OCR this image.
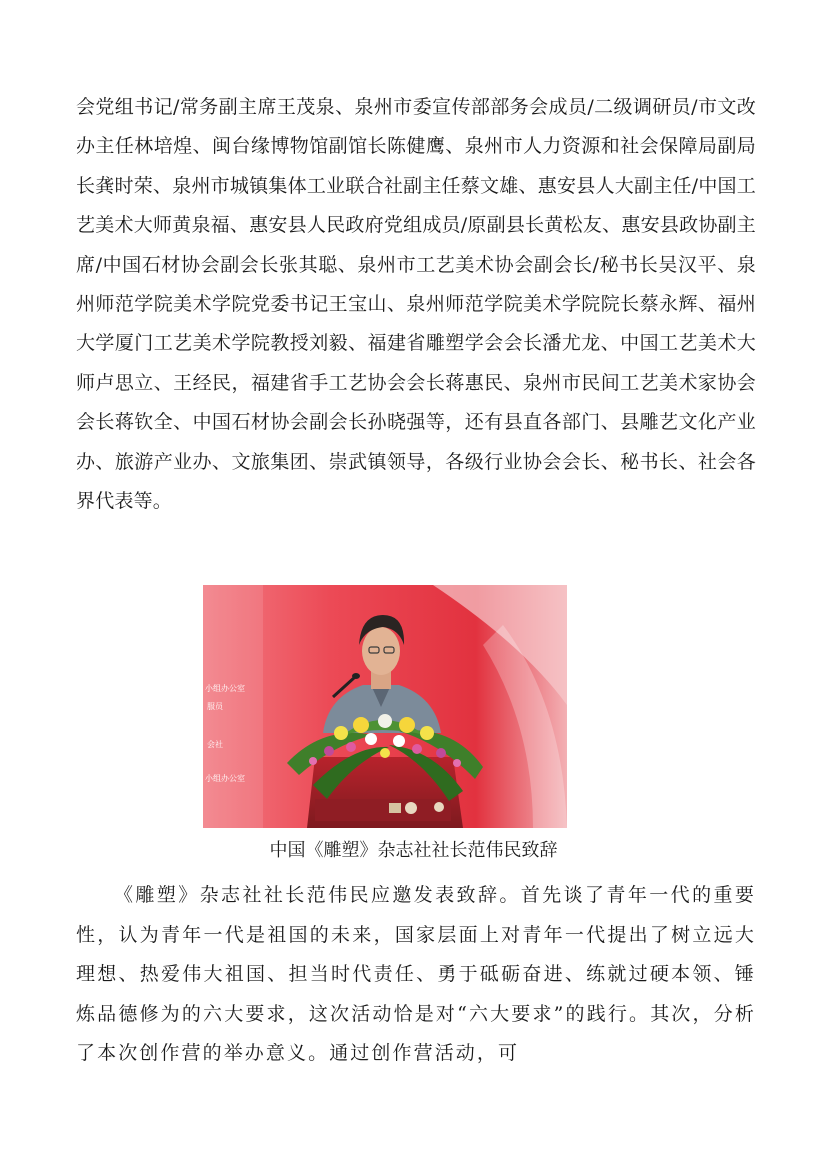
会党组书记/常务副主席王茂泉、泉州市委宣传部部务会成员/二级调研员/市文改办主任林培煌、闽台缘博物馆副馆长陈健鹰、泉州市人力资源和社会保障局副局长龚时荣、泉州市城镇集体工业联合社副主任蔡文雄、惠安县人大副主任/中国工艺美术大师黄泉福、惠安县人民政府党组成员/原副县长黄松友、惠安县政协副主席/中国石材协会副会长张其聪、泉州市工艺美术协会副会长/秘书长吴汉平、泉州师范学院美术学院党委书记王宝山、泉州师范学院美术学院院长蔡永辉、福州大学厦门工艺美术学院教授刘毅、福建省雕塑学会会长潘尤龙、中国工艺美术大师卢思立、王经民，福建省手工艺协会会长蒋惠民、泉州市民间工艺美术家协会会长蒋钦全、中国石材协会副会长孙晓强等，还有县直各部门、县雕艺文化产业办、旅游产业办、文旅集团、崇武镇领导，各级行业协会会长、秘书长、社会各界代表等。

小组办公室
服员
会社
小组办公室
中国《雕塑》杂志社社长范伟民致辞

《雕塑》杂志社社长范伟民应邀发表致辞。首先谈了青年一代的重要性，认为青年一代是祖国的未来，国家层面上对青年一代提出了树立远大理想、热爱伟大祖国、担当时代责任、勇于砥砺奋进、练就过硬本领、锤炼品德修为的六大要求，这次活动恰是对“六大要求”的践行。其次，分析了本次创作营的举办意义。通过创作营活动，可
